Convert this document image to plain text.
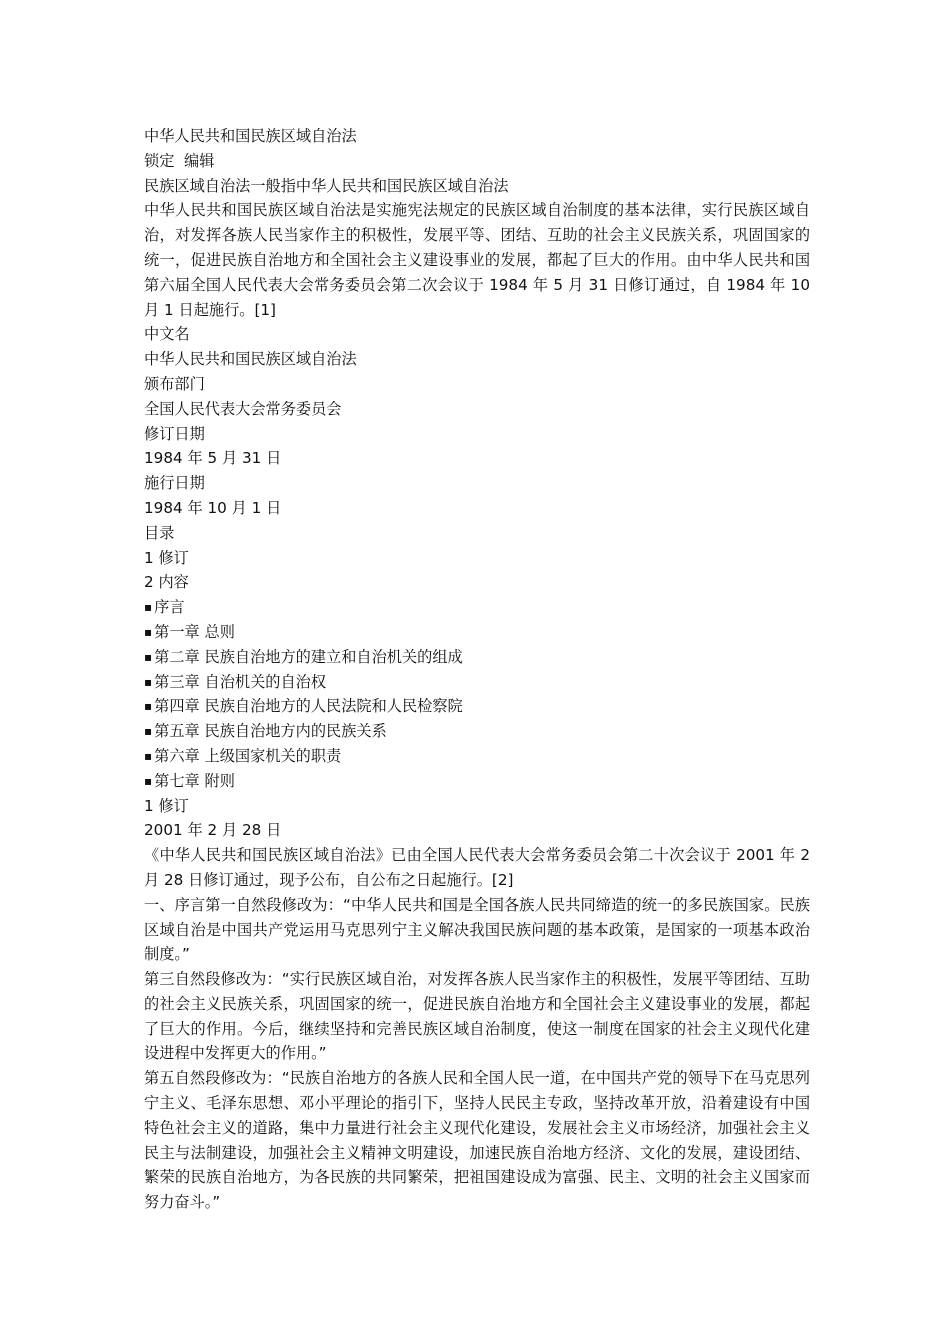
中华人民共和国民族区域自治法

锁定 编辑

民族区域自治法一般指中华人民共和国民族区域自治法

中华人民共和国民族区域自治法是实施宪法规定的民族区域自治制度的基本法律，实行民族区域自治，对发挥各族人民当家作主的积极性，发展平等、团结、互助的社会主义民族关系，巩固国家的统一，促进民族自治地方和全国社会主义建设事业的发展，都起了巨大的作用。由中华人民共和国第六届全国人民代表大会常务委员会第二次会议于 1984 年 5 月 31 日修订通过，自 1984 年 10 月 1 日起施行。[1]

中文名

中华人民共和国民族区域自治法

颁布部门

全国人民代表大会常务委员会

修订日期

1984 年 5 月 31 日

施行日期

1984 年 10 月 1 日

目录

1 修订

2 内容

▪ 序言

▪ 第一章 总则

▪ 第二章 民族自治地方的建立和自治机关的组成

▪ 第三章 自治机关的自治权

▪ 第四章 民族自治地方的人民法院和人民检察院

▪ 第五章 民族自治地方内的民族关系

▪ 第六章 上级国家机关的职责

▪ 第七章 附则

1 修订

2001 年 2 月 28 日

《中华人民共和国民族区域自治法》已由全国人民代表大会常务委员会第二十次会议于 2001 年 2 月 28 日修订通过，现予公布，自公布之日起施行。[2]

一、序言第一自然段修改为：“中华人民共和国是全国各族人民共同缔造的统一的多民族国家。民族区域自治是中国共产党运用马克思列宁主义解决我国民族问题的基本政策，是国家的一项基本政治制度。”

第三自然段修改为：“实行民族区域自治，对发挥各族人民当家作主的积极性，发展平等团结、互助的社会主义民族关系，巩固国家的统一，促进民族自治地方和全国社会主义建设事业的发展，都起了巨大的作用。今后，继续坚持和完善民族区域自治制度，使这一制度在国家的社会主义现代化建设进程中发挥更大的作用。”

第五自然段修改为：“民族自治地方的各族人民和全国人民一道，在中国共产党的领导下在马克思列宁主义、毛泽东思想、邓小平理论的指引下，坚持人民民主专政，坚持改革开放，沿着建设有中国特色社会主义的道路，集中力量进行社会主义现代化建设，发展社会主义市场经济，加强社会主义民主与法制建设，加强社会主义精神文明建设，加速民族自治地方经济、文化的发展，建设团结、繁荣的民族自治地方，为各民族的共同繁荣，把祖国建设成为富强、民主、文明的社会主义国家而努力奋斗。”
